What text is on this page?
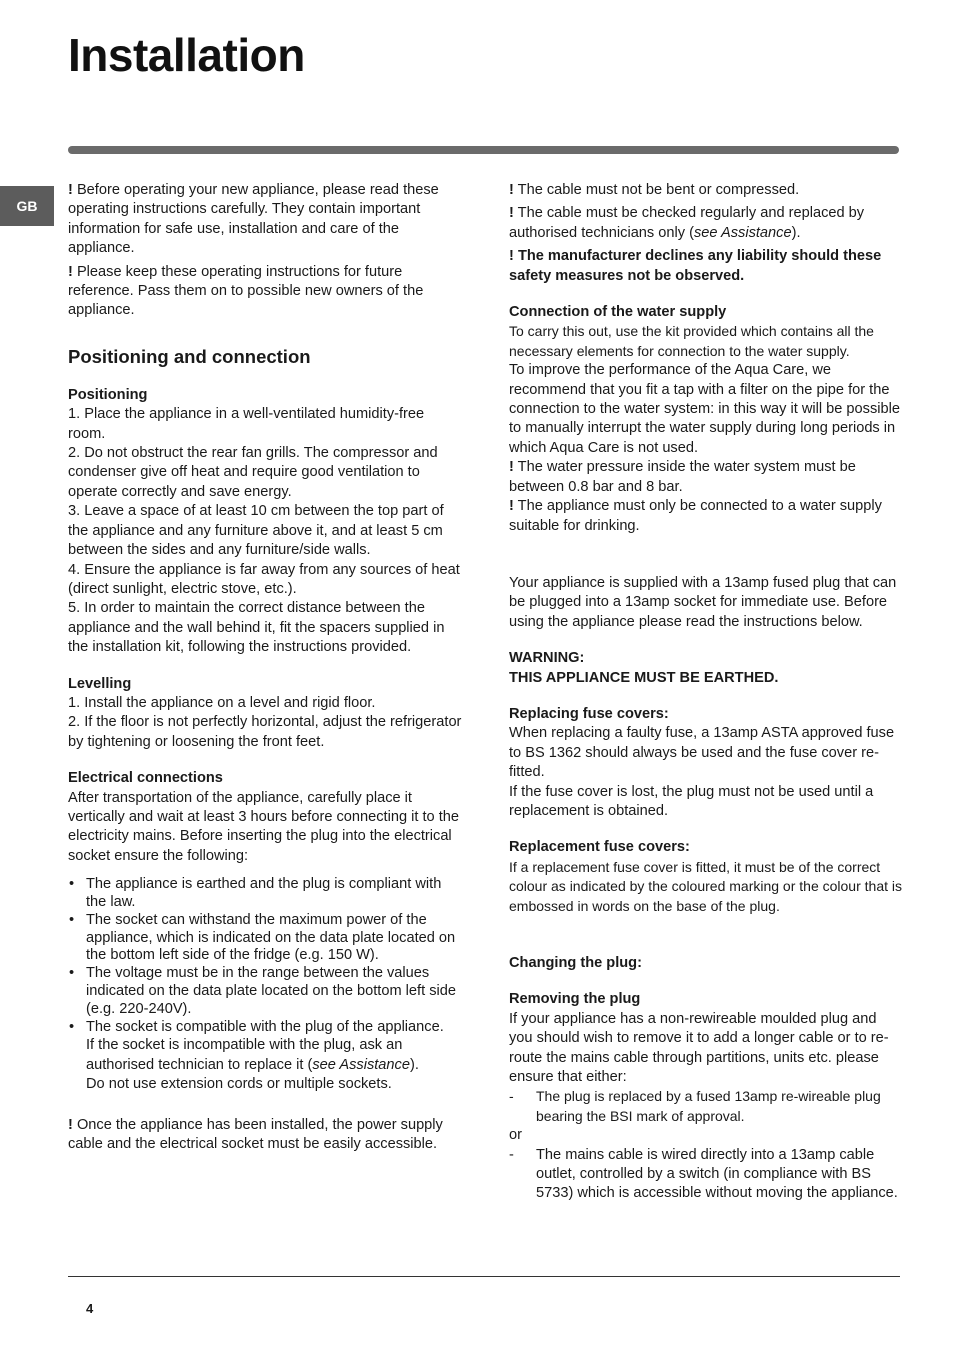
Installation
GB

! Before operating your new appliance, please read these operating instructions carefully. They contain important information for safe use, installation and care of the appliance.

! Please keep these operating instructions for future reference. Pass them on to possible new owners of the appliance.

Positioning and connection

Positioning

1. Place the appliance in a well-ventilated humidity-free room.

2. Do not obstruct the rear fan grills. The compressor and condenser give off heat and require good ventilation to operate correctly and save energy.

3. Leave a space of at least 10 cm between the top part of the appliance and any furniture above it, and at least 5 cm between the sides and any furniture/side walls.

4. Ensure the appliance is far away from any sources of heat (direct sunlight, electric stove, etc.).

5. In order to maintain the correct distance between the appliance and the wall behind it, fit the spacers supplied in the installation kit, following the instructions provided.

Levelling

1. Install the appliance on a level and rigid floor.

2. If the floor is not perfectly horizontal, adjust the refrigerator by tightening or loosening the front feet.

Electrical connections

After transportation of the appliance, carefully place it vertically and wait at least 3 hours before connecting it to the electricity mains. Before inserting the plug into the electrical socket ensure the following:

• The appliance is earthed and the plug is compliant with the law.
• The socket can withstand the maximum power of the appliance, which is indicated on the data plate located on the bottom left side of the fridge (e.g. 150 W).
• The voltage must be in the range between the values indicated on the data plate located on the bottom left side (e.g. 220-240V).
• The socket is compatible with the plug of the appliance.

If the socket is incompatible with the plug, ask an authorised technician to replace it (see Assistance).

Do not use extension cords or multiple sockets.

! Once the appliance has been installed, the power supply cable and the electrical socket must be easily accessible.

! The cable must not be bent or compressed.

! The cable must be checked regularly and replaced by authorised technicians only (see Assistance).

! The manufacturer declines any liability should these safety measures not be observed.

Connection of the water supply

To carry this out, use the kit provided which contains all the necessary elements for connection to the water supply.

To improve the performance of the Aqua Care, we recommend that you fit a tap with a filter on the pipe for the connection to the water system: in this way it will be possible to manually interrupt the water supply during long periods in which Aqua Care is not used.

! The water pressure inside the water system must be between 0.8 bar and 8 bar.

! The appliance must only be connected to a water supply suitable for drinking.

Your appliance is supplied with a 13amp fused plug that can be plugged into a 13amp socket for immediate use. Before using the appliance please read the instructions below.

WARNING:

THIS APPLIANCE MUST BE EARTHED.

Replacing fuse covers:

When replacing a faulty fuse, a 13amp ASTA approved fuse to BS 1362 should always be used and the fuse cover re-fitted.

If the fuse cover is lost, the plug must not be used until a replacement is obtained.

Replacement fuse covers:

If a replacement fuse cover is fitted, it must be of the correct colour as indicated by the coloured marking or the colour that is embossed in words on the base of the plug.

Changing the plug:

Removing the plug

If your appliance has a non-rewireable moulded plug and you should wish to remove it to add a longer cable or to re-route the mains cable through partitions, units etc. please ensure that either:

- The plug is replaced by a fused 13amp re-wireable plug bearing the BSI mark of approval.

or

- The mains cable is wired directly into a 13amp cable outlet, controlled by a switch (in compliance with BS 5733) which is accessible without moving the appliance.

4
